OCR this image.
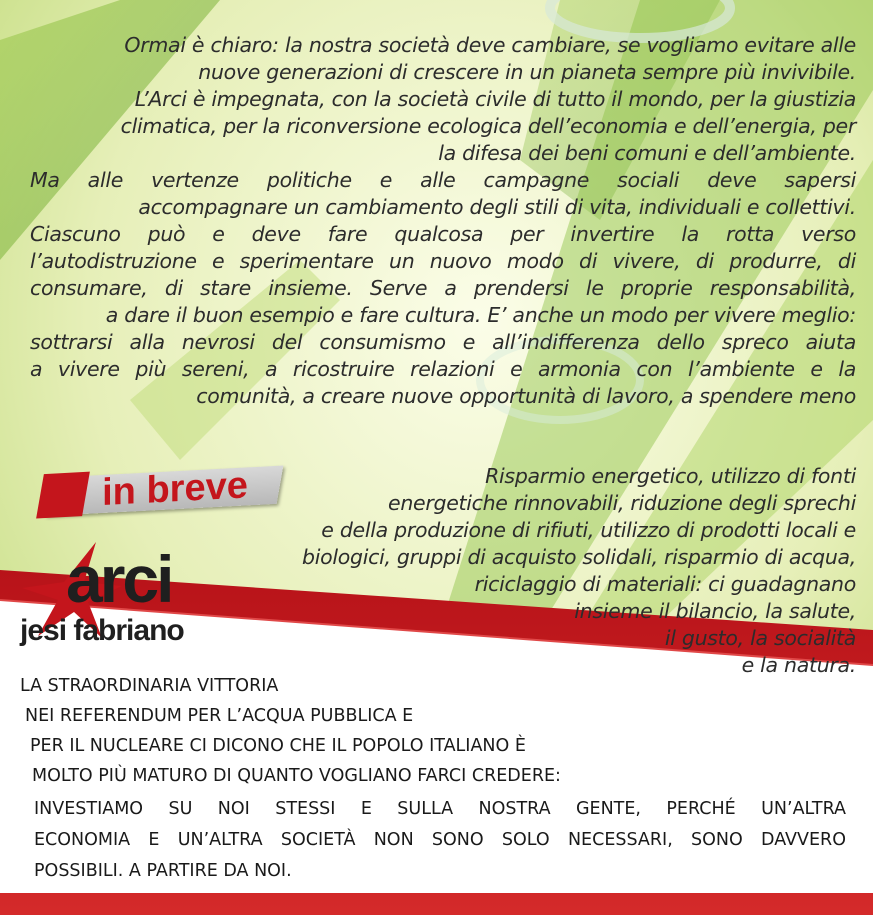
Ormai è chiaro: la nostra società deve cambiare, se vogliamo evitare alle
nuove generazioni di crescere in un pianeta sempre più invivibile.
L’Arci è impegnata, con la società civile di tutto il mondo, per la giustizia
climatica, per la riconversione ecologica dell’economia e dell’energia, per
la difesa dei beni comuni e dell’ambiente.
Ma alle vertenze politiche e alle campagne sociali deve sapersi
accompagnare un cambiamento degli stili di vita, individuali e collettivi.
Ciascuno può e deve fare qualcosa per invertire la rotta verso
l’autodistruzione e sperimentare un nuovo modo di vivere, di produrre, di
consumare, di stare insieme. Serve a prendersi le proprie responsabilità,
a dare il buon esempio e fare cultura. E’ anche un modo per vivere meglio:
sottrarsi alla nevrosi del consumismo e all’indifferenza dello spreco aiuta
a vivere più sereni, a ricostruire relazioni e armonia con l’ambiente e la
comunità, a creare nuove opportunità di lavoro, a spendere meno
in breve	Risparmio energetico, utilizzo di fonti
energetiche rinnovabili, riduzione degli sprechi
e della produzione di rifiuti, utilizzo di prodotti locali e
biologici, gruppi di acquisto solidali, risparmio di acqua,
riciclaggio di materiali: ci guadagnano
insieme il bilancio, la salute,
il gusto, la socialità
e la natura.
arci
jesi fabriano
LA STRAORDINARIA VITTORIA
NEI REFERENDUM PER L’ACQUA PUBBLICA E
PER IL NUCLEARE CI DICONO CHE IL POPOLO ITALIANO È
MOLTO PIÙ MATURO DI QUANTO VOGLIANO FARCI CREDERE:
INVESTIAMO SU NOI STESSI E SULLA NOSTRA GENTE, PERCHÉ UN’ALTRA
ECONOMIA E UN’ALTRA SOCIETÀ NON SONO SOLO NECESSARI, SONO DAVVERO
POSSIBILI. A PARTIRE DA NOI.
